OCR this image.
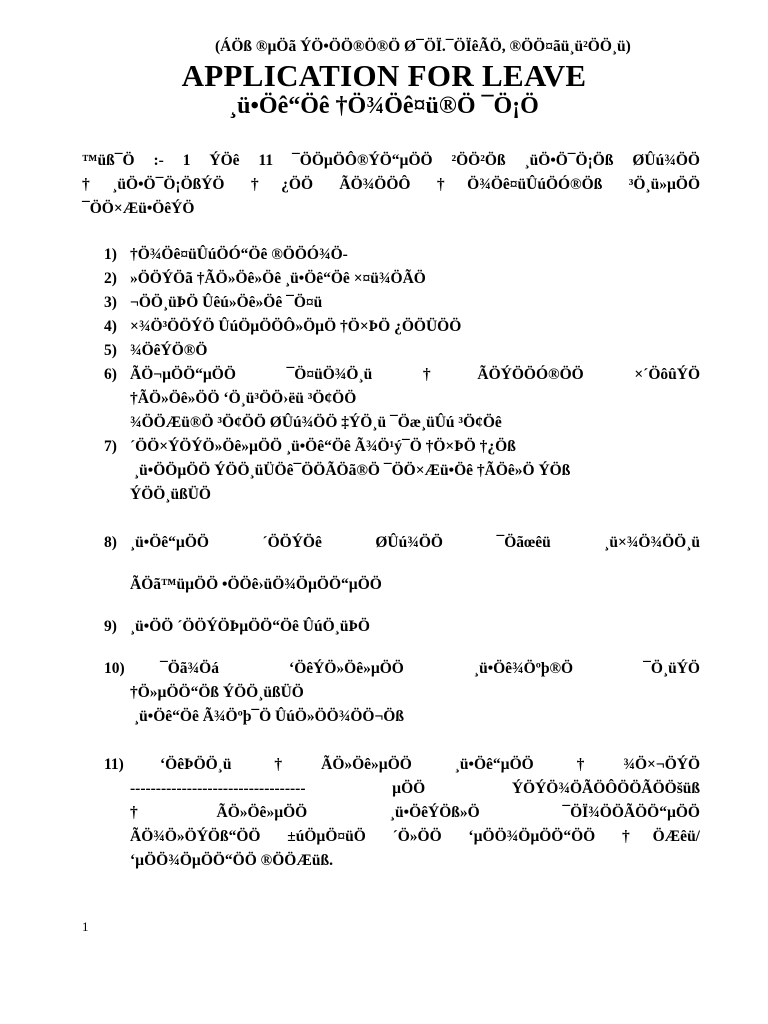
(ÁÖß ®µÖã ÝÖ•ÖÖ®Ö®Ö Ø¯ÖÏ.¯ÖÏêÃÖ, ®ÖÖ¤ãü¸ü²ÖÖ¸ü)
APPLICATION FOR LEAVE
¸ü•Öê“Öê †Ö¾Öê¤ü®Ö ¯Ö¡Ö
™üß¯Ö :- 1 ÝÖê 11 ¯ÖÖµÖÔ®ÝÖ“µÖÖ ²ÖÖ²Öß ¸üÖ•Ö¯Ö¡Öß ØÛú¾ÖÖ
†¸üÖ•Ö¯Ö¡ÖßÝÖ †¿ÖÖ ÃÖ¾ÖÖÔ †Ö¾Öê¤üÛúÖÓ®Öß ³Ö¸ü»µÖÖ
¯ÖÖ×Æü•ÖêÝÖ
1) †Ö¾Öê¤üÛúÖÓ“Öê ®ÖÖÓ¾Ö-
2) »ÖÖÝÖã †ÃÖ»Öê»Öê ¸ü•Öê“Öê ×¤ü¾ÖÃÖ
3) ¬ÖÖ¸üÞÖ Ûêú»Öê»Öê ¯Ö¤ü
4) ×¾Ö³ÖÖÝÖ ÛúÖµÖÖÔ»ÖµÖ †Ö×ÞÖ ¿ÖÖÜÖÖ
5) ¾ÖêÝÖ®Ö
6) ÃÖ¬µÖÖ“µÖÖ ¯Ö¤üÖ¾Ö¸ü †ÃÖÝÖÖÓ®ÖÖ ×´ÖôûÝÖ
†ÃÖ»Öê»ÖÖ ‘Ö¸ü³ÖÖ›ëü ³Ö¢ÖÖ
¾ÖÖÆü®Ö ³Ö¢ÖÖ ØÛú¾ÖÖ ‡ÝÖ¸ü ¯Öæ¸üÛú ³Ö¢Öê
7) ´ÖÖ×ÝÖÝÖ»Öê»µÖÖ ¸ü•Öê“Öê Ã¾Ö¹ý¯Ö †Ö×ÞÖ †¿Öß
¸ü•ÖÖµÖÖ ÝÖÖ¸üÜÖê¯ÖÖÃÖã®Ö ¯ÖÖ×Æü•Öê †ÃÖê»Ö ÝÖß
ÝÖÖ¸üßÜÖ
8) ¸ü•Öê“µÖÖ ´ÖÖÝÖê ØÛú¾ÖÖ ¯Öãœêü ¸ü×¾Ö¾ÖÖ¸ü
ÃÖã™üµÖÖ •ÖÖê›üÖ¾ÖµÖÖ“µÖÖ
9) ¸ü•ÖÖ ´ÖÖÝÖÞµÖÖ“Öê ÛúÖ¸üÞÖ
10) ¯Öã¾Öá ‘ÖêÝÖ»Öê»µÖÖ ¸ü•Öê¾Öºþ®Ö ¯Ö¸üÝÖ
†Ö»µÖÖ“Öß ÝÖÖ¸üßÜÖ
¸ü•Öê“Öê Ã¾Öºþ¯Ö ÛúÖ»ÖÖ¾ÖÖ¬Öß
11) ‘ÖêÞÖÖ¸ü †ÃÖ»Öê»µÖÖ ¸ü•Öê“µÖÖ †¾Ö×¬ÖÝÖ
---------------------------------- µÖÖ ÝÖÝÖ¾ÖÃÖÔÖÖÃÖÖšüß
†ÃÖ»Öê»µÖÖ ¸ü•ÖêÝÖß»Ö ¯ÖÏ¾ÖÖÃÖÖ“µÖÖ
ÃÖ¾Ö»ÖÝÖß“ÖÖ ±úÖµÖ¤üÖ ´Ö»ÖÖ ‘µÖÖ¾ÖµÖÖ“ÖÖ †ÖÆêü/
‘µÖÖ¾ÖµÖÖ“ÖÖ ®ÖÖÆüß.
1
